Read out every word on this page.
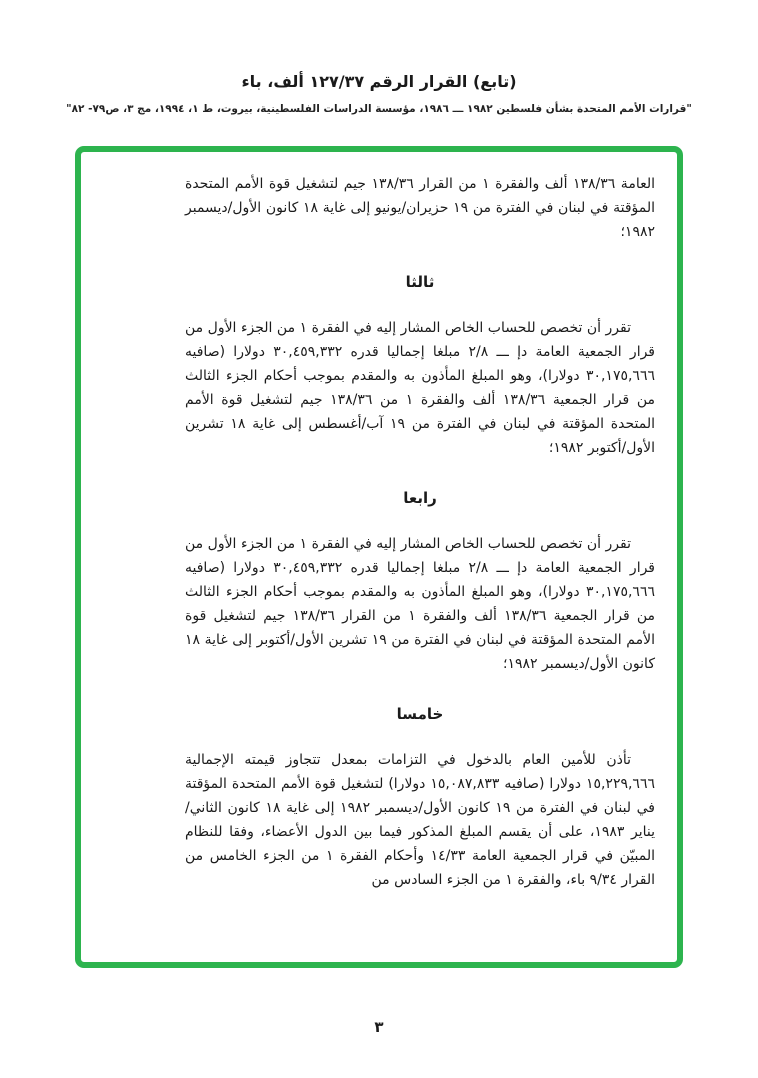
(تابع) القرار الرقم ١٢٧/٣٧ ألف، باء
"قرارات الأمم المتحدة بشأن فلسطين ١٩٨٢ ـــ ١٩٨٦، مؤسسة الدراسات الفلسطينية، بيروت، ط ١، ١٩٩٤، مج ٣، ص٧٩- ٨٢"

العامة ١٣٨/٣٦ ألف والفقرة ١ من القرار ١٣٨/٣٦ جيم لتشغيل قوة الأمم المتحدة المؤقتة في لبنان في الفترة من ١٩ حزيران/يونيو إلى غاية ١٨ كانون الأول/ديسمبر ١٩٨٢؛

ثالثا

تقرر أن تخصص للحساب الخاص المشار إليه في الفقرة ١ من الجزء الأول من قرار الجمعية العامة دإ ـــ ٢/٨ مبلغا إجماليا قدره ٣٠,٤٥٩,٣٣٢ دولارا (صافيه ٣٠,١٧٥,٦٦٦ دولارا)، وهو المبلغ المأذون به والمقدم بموجب أحكام الجزء الثالث من قرار الجمعية ١٣٨/٣٦ ألف والفقرة ١ من ١٣٨/٣٦ جيم لتشغيل قوة الأمم المتحدة المؤقتة في لبنان في الفترة من ١٩ آب/أغسطس إلى غاية ١٨ تشرين الأول/أكتوبر ١٩٨٢؛

رابعا

تقرر أن تخصص للحساب الخاص المشار إليه في الفقرة ١ من الجزء الأول من قرار الجمعية العامة دإ ـــ ٢/٨ مبلغا إجماليا قدره ٣٠,٤٥٩,٣٣٢ دولارا (صافيه ٣٠,١٧٥,٦٦٦ دولارا)، وهو المبلغ المأذون به والمقدم بموجب أحكام الجزء الثالث من قرار الجمعية ١٣٨/٣٦ ألف والفقرة ١ من القرار ١٣٨/٣٦ جيم لتشغيل قوة الأمم المتحدة المؤقتة في لبنان في الفترة من ١٩ تشرين الأول/أكتوبر إلى غاية ١٨ كانون الأول/ديسمبر ١٩٨٢؛

خامسا

تأذن للأمين العام بالدخول في التزامات بمعدل تتجاوز قيمته الإجمالية ١٥,٢٢٩,٦٦٦ دولارا (صافيه ١٥,٠٨٧,٨٣٣ دولارا) لتشغيل قوة الأمم المتحدة المؤقتة في لبنان في الفترة من ١٩ كانون الأول/ديسمبر ١٩٨٢ إلى غاية ١٨ كانون الثاني/يناير ١٩٨٣، على أن يقسم المبلغ المذكور فيما بين الدول الأعضاء، وفقا للنظام المبيّن في قرار الجمعية العامة ١٤/٣٣ وأحكام الفقرة ١ من الجزء الخامس من القرار ٩/٣٤ باء، والفقرة ١ من الجزء السادس من

٣
